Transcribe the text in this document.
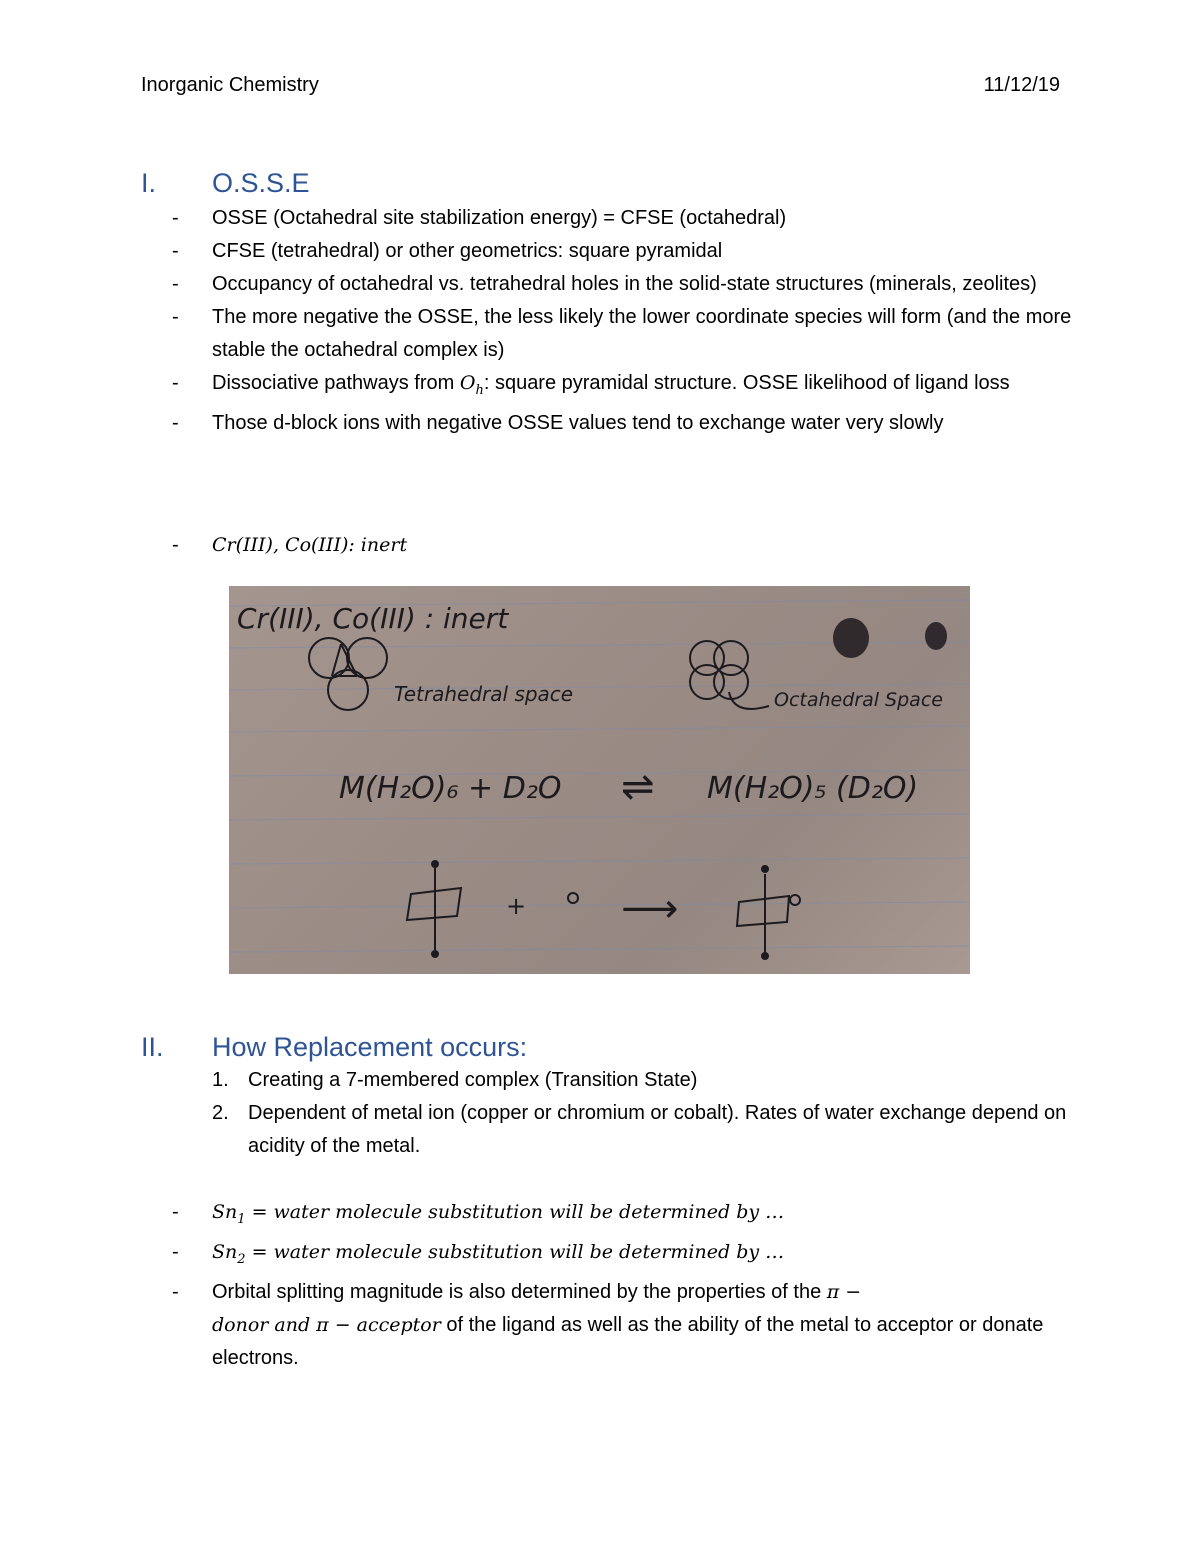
Inorganic Chemistry	11/12/19
I. O.S.S.E
- OSSE (Octahedral site stabilization energy) = CFSE (octahedral)
- CFSE (tetrahedral) or other geometrics: square pyramidal
- Occupancy of octahedral vs. tetrahedral holes in the solid-state structures (minerals, zeolites)
- The more negative the OSSE, the less likely the lower coordinate species will form (and the more stable the octahedral complex is)
- Dissociative pathways from $O_h$: square pyramidal structure. OSSE likelihood of ligand loss
- Those d-block ions with negative OSSE values tend to exchange water very slowly
- Cr(III), Co(III): inert
Cr(III), Co(III) : inert
Tetrahedral space	Octahedral Space
M(H₂O)₆ + D₂O ⇌ M(H₂O)₅ (D₂O)
+ ⟶
II. How Replacement occurs:
1. Creating a 7-membered complex (Transition State)
2. Dependent of metal ion (copper or chromium or cobalt). Rates of water exchange depend on acidity of the metal.
- $Sn_1$ = water molecule substitution will be determined by …
- $Sn_2$ = water molecule substitution will be determined by …
- Orbital splitting magnitude is also determined by the properties of the π −
donor and π − acceptor of the ligand as well as the ability of the metal to acceptor or donate electrons.
